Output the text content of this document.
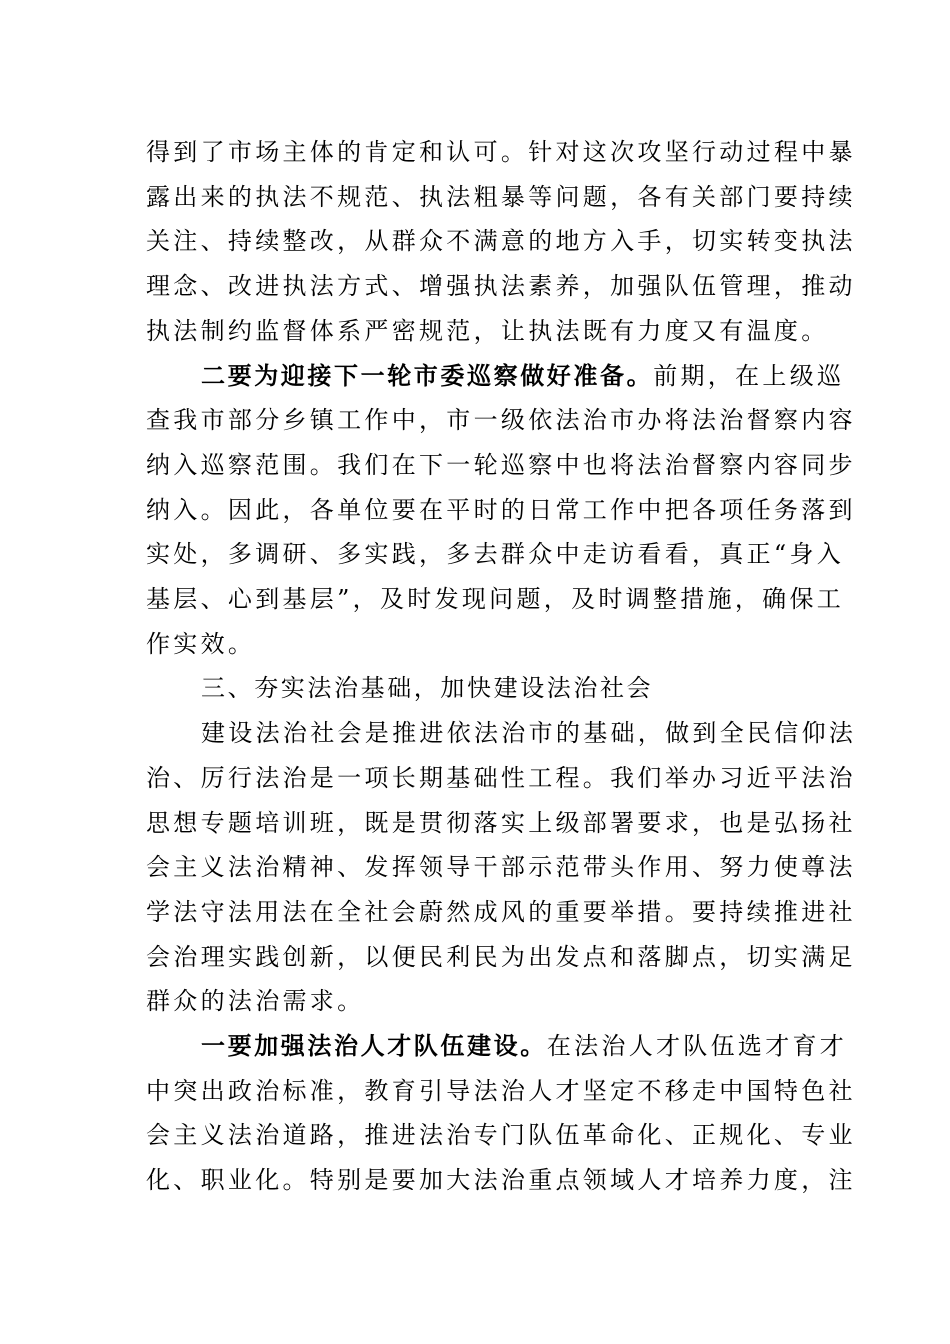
得到了市场主体的肯定和认可。针对这次攻坚行动过程中暴
露出来的执法不规范、执法粗暴等问题，各有关部门要持续
关注、持续整改，从群众不满意的地方入手，切实转变执法
理念、改进执法方式、增强执法素养，加强队伍管理，推动
执法制约监督体系严密规范，让执法既有力度又有温度。
二要为迎接下一轮市委巡察做好准备。前期，在上级巡
查我市部分乡镇工作中，市一级依法治市办将法治督察内容
纳入巡察范围。我们在下一轮巡察中也将法治督察内容同步
纳入。因此，各单位要在平时的日常工作中把各项任务落到
实处，多调研、多实践，多去群众中走访看看，真正“身入
基层、心到基层”，及时发现问题，及时调整措施，确保工
作实效。
三、夯实法治基础，加快建设法治社会
建设法治社会是推进依法治市的基础，做到全民信仰法
治、厉行法治是一项长期基础性工程。我们举办习近平法治
思想专题培训班，既是贯彻落实上级部署要求，也是弘扬社
会主义法治精神、发挥领导干部示范带头作用、努力使尊法
学法守法用法在全社会蔚然成风的重要举措。要持续推进社
会治理实践创新，以便民利民为出发点和落脚点，切实满足
群众的法治需求。
一要加强法治人才队伍建设。在法治人才队伍选才育才
中突出政治标准，教育引导法治人才坚定不移走中国特色社
会主义法治道路，推进法治专门队伍革命化、正规化、专业
化、职业化。特别是要加大法治重点领域人才培养力度，注
